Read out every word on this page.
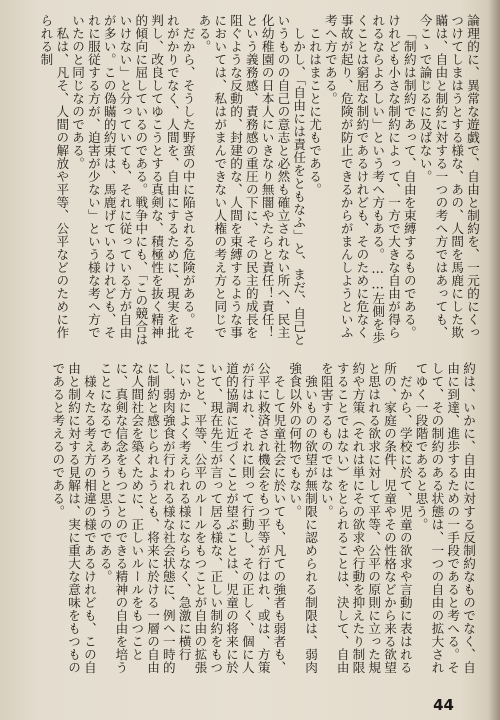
論理的に、異常な遊戯で、自由と制約を、一元的にくっつけてしまはうとする様な、あの、人間を馬鹿にした欺瞞は、自由と制約に対する一つの考へ方ではあっても、今こゝで論じるに及ばない。

「制約は制約であって、自由を束縛するものである。けれども小さな制約によって、一方で大きな自由が得られるならよろしい」という考へ方もある。……左側を歩くことは窮屈な制約であるけれども、そのために危なく事故が起り、危険が防止できるからがまんしようといふ考へ方である。

これはまことに尤もである。

しかし、「自由には責任をともなふ」と、まだ、自己というものの自己の意志と必然も確立されない所へ、民主化幼稚園の日本人にいきなり無闇やたらと責任！責任！という義務感、責務感の重圧の下に、その民主的成長を阻ぐような反動的、封建的な、人間を束縛するような事においては、私はがまんできない人権の考え方と同じである。

だから、そうした野蛮の中に陥される危険がある。それがかりでなく、人間を、自由にするために、現実を批判し、改良してゆこうとする真剣な、積極性を抜く精神的傾向に屈しているのである。戦争中にも、「この競合はいけない」と分っていても、それに従っている方が自由が多い。この偽瞞的約束は、馬鹿げているけれども、それに服従する方が、迫害が少ない」という様な考へ方でいたのと同じなのである。

私は、凡そ、人間の解放や平等、公平などのために作られる制

約は、いかに、自由に対する反制約なものでなく、自由に到達、進歩するための一手段であると考へる。そして、その制約のある状態は、一つの自由の拡大されてゆく一段階であると思う。

だから、学校に於て、児童の欲求や言動に表はれる所の、家庭の条件、児童やその性格などから来る欲望と思はれる欲求に対して平等、公平の原則に立った規約や方策（それは単にその欲求や行動を抑えたり制限することではない）をとられることは、決して、自由を阻害するものではない。

強いものの欲望が無制限に認められる制限は、弱肉強食以外の何物でもない。

そして児童社会に於いても、凡ての強者も弱者も、公平に救済され機会をもつ平等が行はれ、或は、方策が行はれ、それに則って行動し、その正しく、個に人道的協調に近づくことが望ぶことは、児童の将来に於いて、現在先生が言って居る様な、正しい制約をもつことと、平等、公平のルールをもつことが自由の拡張にいかによく考えられる様にならなく、急激に横行し、弱肉強食が行われる様な社会状態に、例へ一時的に制約と感じられようとも、将来に於ける一層の自由な人間社会を築くために、正しいルールをもつことに、真剣な信念をもつことのできる精神の自由を培うことになるであろうと思うのである。

様々たる考え方の相違の様であるけれども、この自由と制約に対する見解は、実に重大な意味をもつものであると考えるのである。

44
